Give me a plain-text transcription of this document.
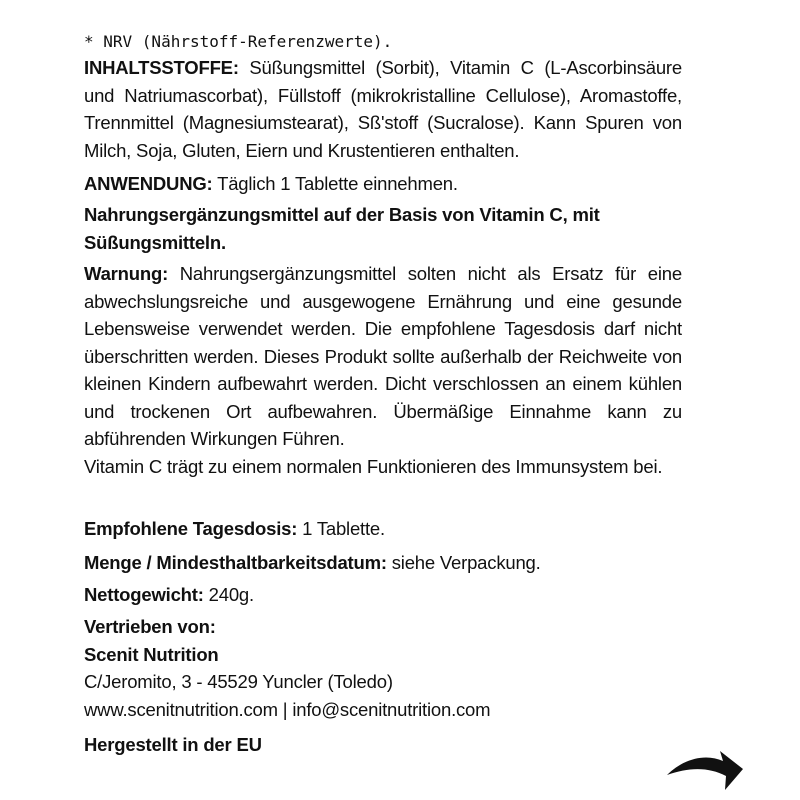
* NRV (Nährstoff-Referenzwerte).

INHALTSSTOFFE: Süßungsmittel (Sorbit), Vitamin C (L-Ascorbinsäure und Natriumascorbat), Füllstoff (mikrokristalline Cellulose), Aromastoffe, Trennmittel (Magnesiumstearat), Sß'stoff (Sucralose). Kann Spuren von Milch, Soja, Gluten, Eiern und Krustentieren enthalten.

ANWENDUNG: Täglich 1 Tablette einnehmen.

Nahrungsergänzungsmittel auf der Basis von Vitamin C, mit Süßungsmitteln.

Warnung: Nahrungsergänzungsmittel solten nicht als Ersatz für eine abwechslungsreiche und ausgewogene Ernährung und eine gesunde Lebensweise verwendet werden. Die empfohlene Tagesdosis darf nicht überschritten werden. Dieses Produkt sollte außerhalb der Reichweite von kleinen Kindern aufbewahrt werden. Dicht verschlossen an einem kühlen und trockenen Ort aufbewahren. Übermäßige Einnahme kann zu abführenden Wirkungen Führen.

Vitamin C trägt zu einem normalen Funktionieren des Immunsystem bei.

Empfohlene Tagesdosis: 1 Tablette.

Menge / Mindesthaltbarkeitsdatum: siehe Verpackung.

Nettogewicht: 240g.

Vertrieben von:

Scenit Nutrition

C/Jeromito, 3 - 45529 Yuncler (Toledo)

www.scenitnutrition.com | info@scenitnutrition.com

Hergestellt in der EU
